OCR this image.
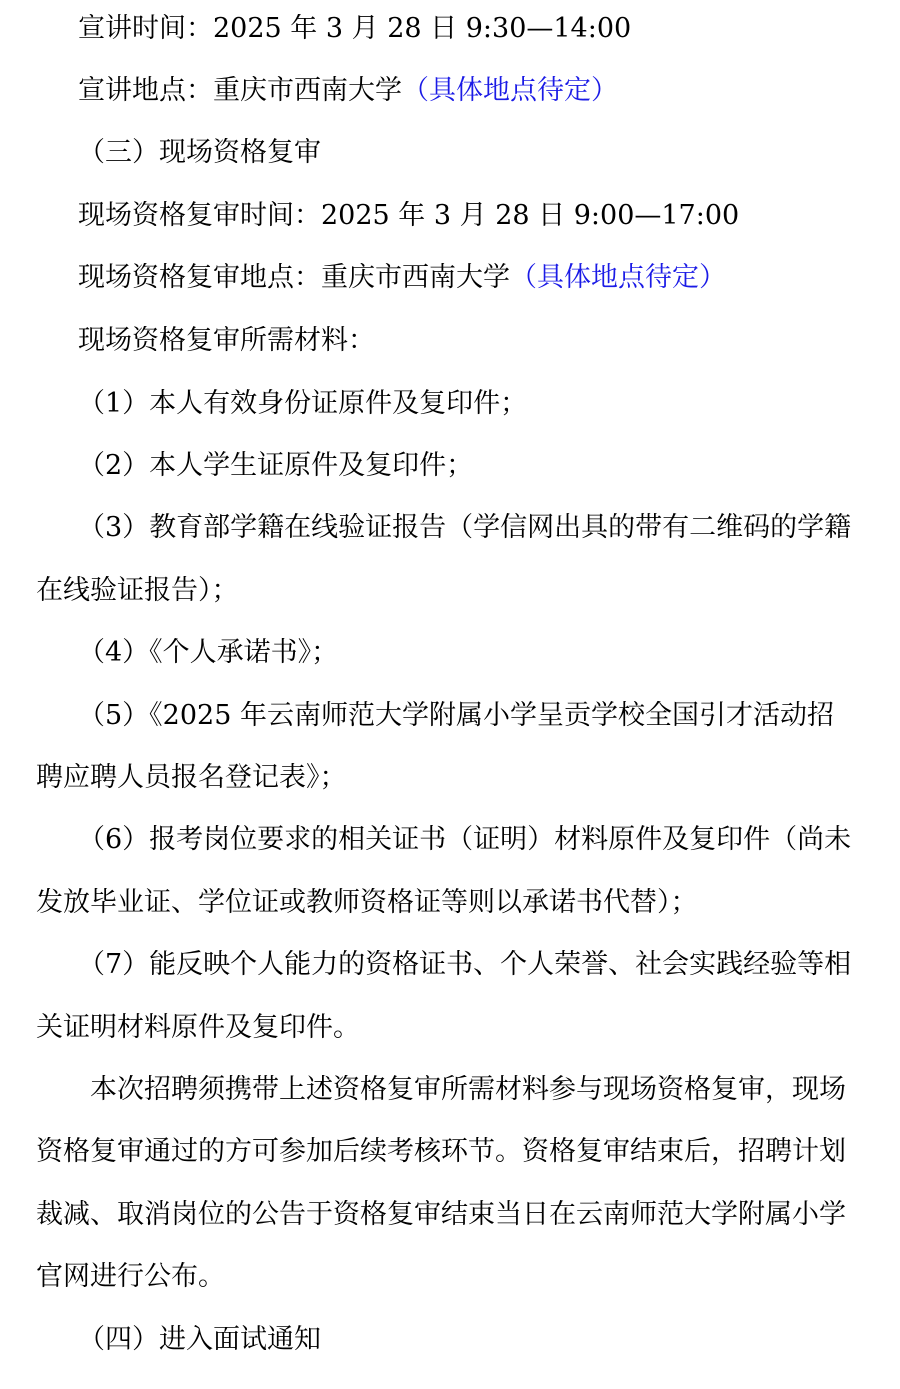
宣讲时间：2025 年 3 月 28 日 9:30—14:00
宣讲地点：重庆市西南大学（具体地点待定）
（三）现场资格复审
现场资格复审时间：2025 年 3 月 28 日 9:00—17:00
现场资格复审地点：重庆市西南大学（具体地点待定）
现场资格复审所需材料：
（1）本人有效身份证原件及复印件；
（2）本人学生证原件及复印件；
（3）教育部学籍在线验证报告（学信网出具的带有二维码的学籍
在线验证报告）；
（4）《个人承诺书》；
（5）《2025 年云南师范大学附属小学呈贡学校全国引才活动招
聘应聘人员报名登记表》；
（6）报考岗位要求的相关证书（证明）材料原件及复印件（尚未
发放毕业证、学位证或教师资格证等则以承诺书代替）；
（7）能反映个人能力的资格证书、个人荣誉、社会实践经验等相
关证明材料原件及复印件。
本次招聘须携带上述资格复审所需材料参与现场资格复审，现场
资格复审通过的方可参加后续考核环节。资格复审结束后，招聘计划
裁减、取消岗位的公告于资格复审结束当日在云南师范大学附属小学
官网进行公布。
（四）进入面试通知
